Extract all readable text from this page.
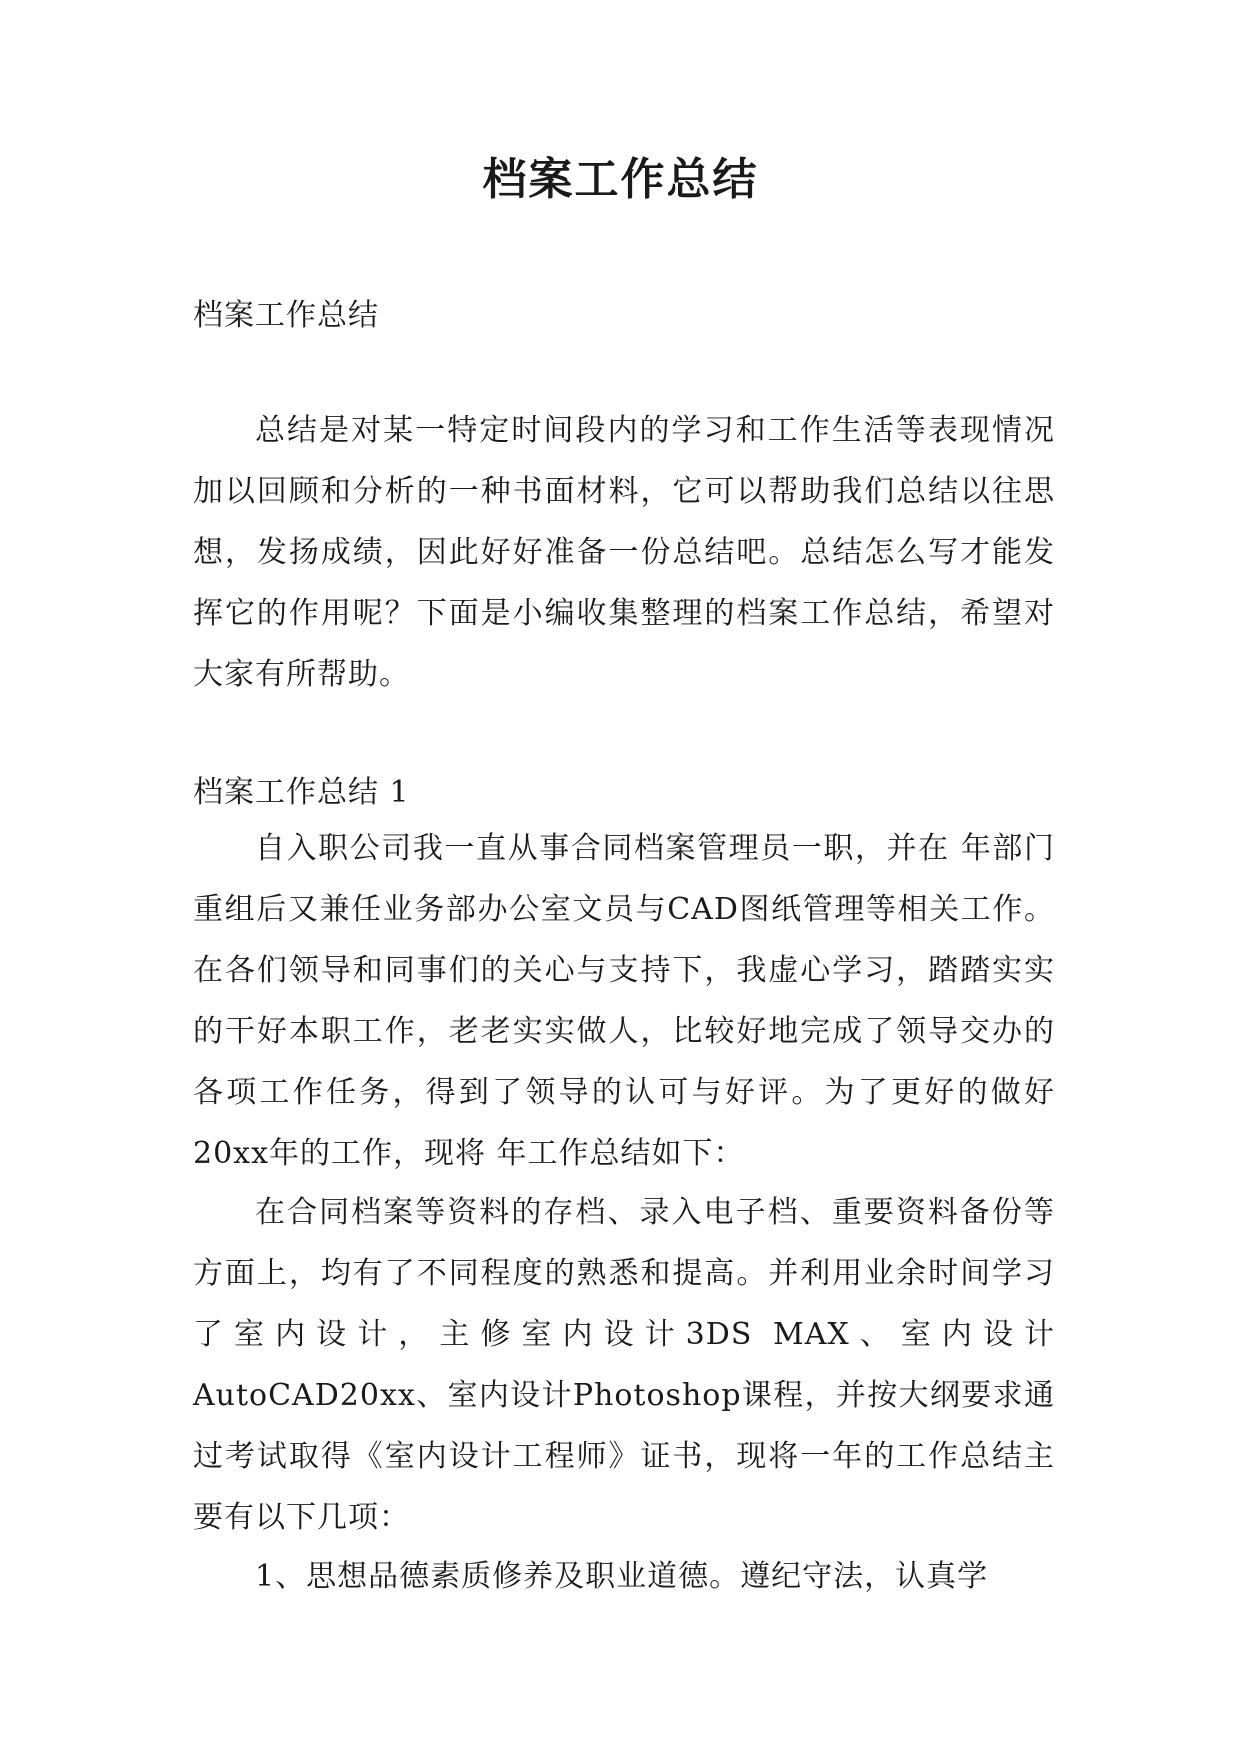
档案工作总结

档案工作总结

总结是对某一特定时间段内的学习和工作生活等表现情况加以回顾和分析的一种书面材料，它可以帮助我们总结以往思想，发扬成绩，因此好好准备一份总结吧。总结怎么写才能发挥它的作用呢？下面是小编收集整理的档案工作总结，希望对大家有所帮助。

档案工作总结 1

自入职公司我一直从事合同档案管理员一职，并在 年部门重组后又兼任业务部办公室文员与CAD图纸管理等相关工作。在各们领导和同事们的关心与支持下，我虚心学习，踏踏实实的干好本职工作，老老实实做人，比较好地完成了领导交办的各项工作任务，得到了领导的认可与好评。为了更好的做好20xx年的工作，现将 年工作总结如下：

在合同档案等资料的存档、录入电子档、重要资料备份等方面上，均有了不同程度的熟悉和提高。并利用业余时间学习了室内设计，主修室内设计3DS MAX、室内设计AutoCAD20xx、室内设计Photoshop课程，并按大纲要求通过考试取得《室内设计工程师》证书，现将一年的工作总结主要有以下几项：

1、思想品德素质修养及职业道德。遵纪守法，认真学
